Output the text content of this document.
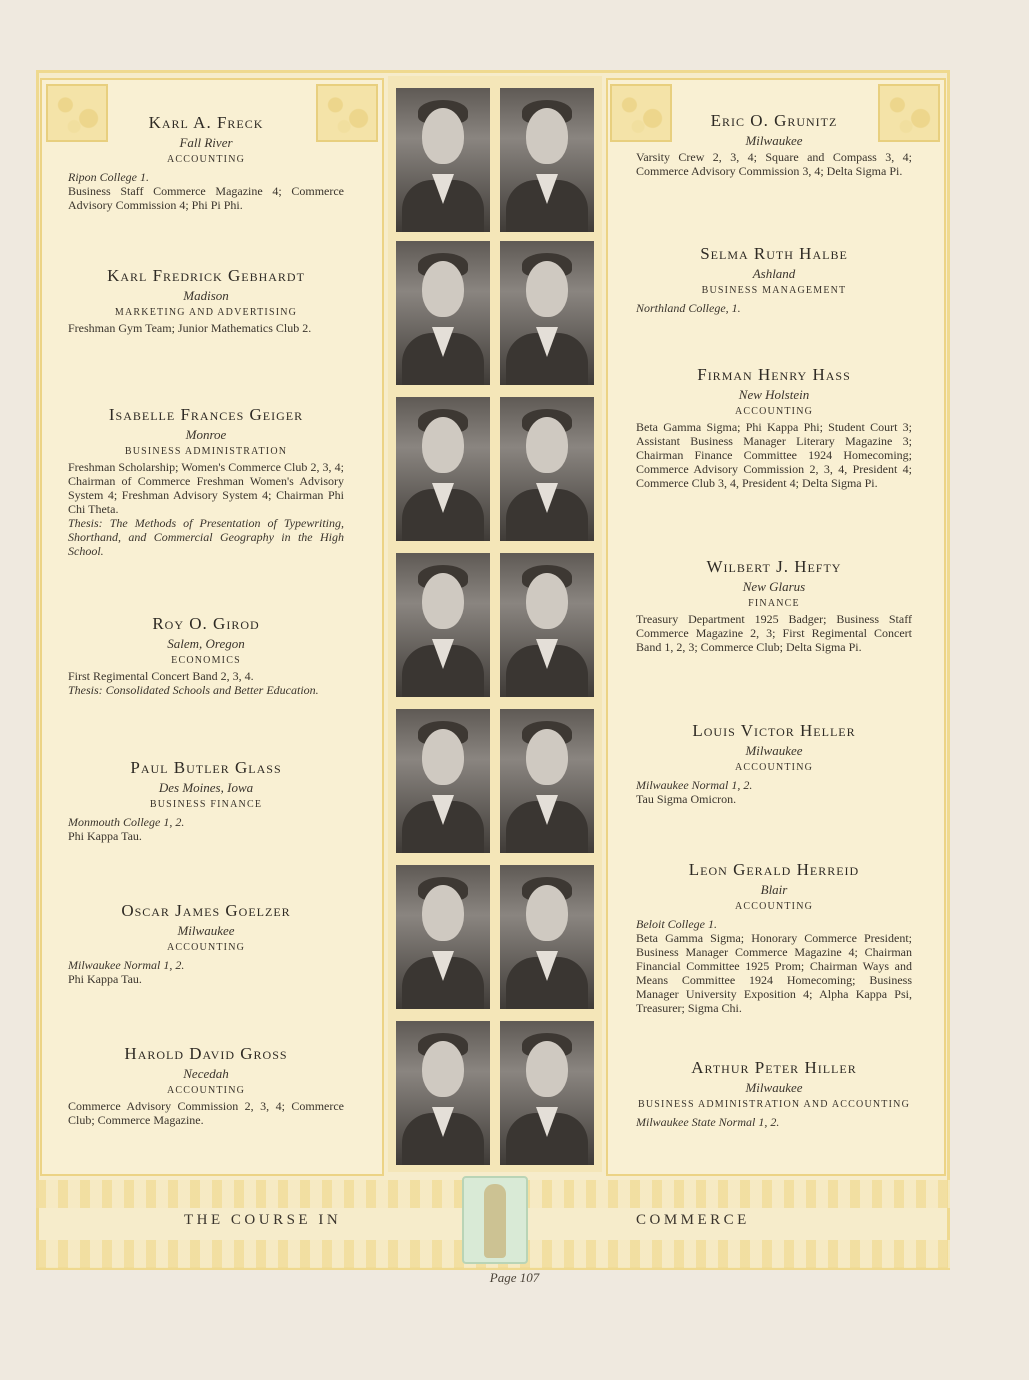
Karl A. Freck

Fall River

ACCOUNTING

Ripon College 1.

Business Staff Commerce Magazine 4; Commerce Advisory Commission 4; Phi Pi Phi.

Karl Fredrick Gebhardt

Madison

MARKETING AND ADVERTISING

Freshman Gym Team; Junior Mathematics Club 2.

Isabelle Frances Geiger

Monroe

BUSINESS ADMINISTRATION

Freshman Scholarship; Women's Commerce Club 2, 3, 4; Chairman of Commerce Freshman Women's Advisory System 4; Freshman Advisory System 4; Chairman Phi Chi Theta.

Thesis: The Methods of Presentation of Typewriting, Shorthand, and Commercial Geography in the High School.

Roy O. Girod

Salem, Oregon

ECONOMICS

First Regimental Concert Band 2, 3, 4.

Thesis: Consolidated Schools and Better Education.

Paul Butler Glass

Des Moines, Iowa

BUSINESS FINANCE

Monmouth College 1, 2.

Phi Kappa Tau.

Oscar James Goelzer

Milwaukee

ACCOUNTING

Milwaukee Normal 1, 2.

Phi Kappa Tau.

Harold David Gross

Necedah

ACCOUNTING

Commerce Advisory Commission 2, 3, 4; Commerce Club; Commerce Magazine.

Eric O. Grunitz

Milwaukee

Varsity Crew 2, 3, 4; Square and Compass 3, 4; Commerce Advisory Commission 3, 4; Delta Sigma Pi.

Selma Ruth Halbe

Ashland

BUSINESS MANAGEMENT

Northland College, 1.

Firman Henry Hass

New Holstein

ACCOUNTING

Beta Gamma Sigma; Phi Kappa Phi; Student Court 3; Assistant Business Manager Literary Magazine 3; Chairman Finance Committee 1924 Homecoming; Commerce Advisory Commission 2, 3, 4, President 4; Commerce Club 3, 4, President 4; Delta Sigma Pi.

Wilbert J. Hefty

New Glarus

FINANCE

Treasury Department 1925 Badger; Business Staff Commerce Magazine 2, 3; First Regimental Concert Band 1, 2, 3; Commerce Club; Delta Sigma Pi.

Louis Victor Heller

Milwaukee

ACCOUNTING

Milwaukee Normal 1, 2.

Tau Sigma Omicron.

Leon Gerald Herreid

Blair

ACCOUNTING

Beloit College 1.

Beta Gamma Sigma; Honorary Commerce President; Business Manager Commerce Magazine 4; Chairman Financial Committee 1925 Prom; Chairman Ways and Means Committee 1924 Homecoming; Business Manager University Exposition 4; Alpha Kappa Psi, Treasurer; Sigma Chi.

Arthur Peter Hiller

Milwaukee

BUSINESS ADMINISTRATION AND ACCOUNTING

Milwaukee State Normal 1, 2.

THE COURSE IN	COMMERCE
Page 107
